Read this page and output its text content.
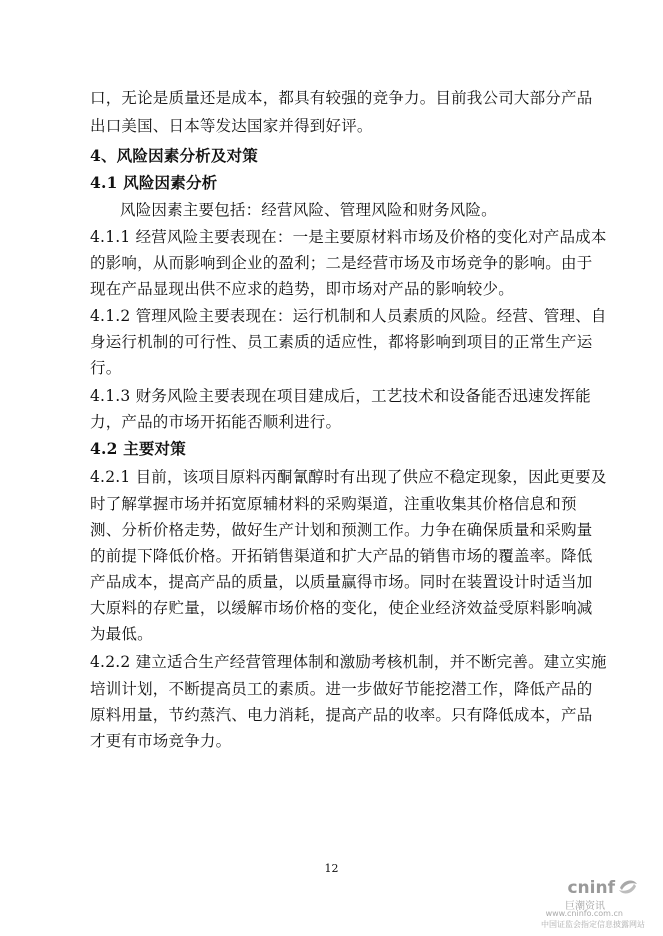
口，无论是质量还是成本，都具有较强的竞争力。目前我公司大部分产品
出口美国、日本等发达国家并得到好评。
4、风险因素分析及对策
4.1 风险因素分析
风险因素主要包括：经营风险、管理风险和财务风险。
4.1.1 经营风险主要表现在：一是主要原材料市场及价格的变化对产品成本
的影响，从而影响到企业的盈利；二是经营市场及市场竞争的影响。由于
现在产品显现出供不应求的趋势，即市场对产品的影响较少。
4.1.2 管理风险主要表现在：运行机制和人员素质的风险。经营、管理、自
身运行机制的可行性、员工素质的适应性，都将影响到项目的正常生产运
行。
4.1.3 财务风险主要表现在项目建成后，工艺技术和设备能否迅速发挥能
力，产品的市场开拓能否顺利进行。
4.2 主要对策
4.2.1 目前，该项目原料丙酮氰醇时有出现了供应不稳定现象，因此更要及
时了解掌握市场并拓宽原辅材料的采购渠道，注重收集其价格信息和预
测、分析价格走势，做好生产计划和预测工作。力争在确保质量和采购量
的前提下降低价格。开拓销售渠道和扩大产品的销售市场的覆盖率。降低
产品成本，提高产品的质量，以质量赢得市场。同时在装置设计时适当加
大原料的存贮量，以缓解市场价格的变化，使企业经济效益受原料影响减
为最低。
4.2.2 建立适合生产经营管理体制和激励考核机制，并不断完善。建立实施
培训计划，不断提高员工的素质。进一步做好节能挖潜工作，降低产品的
原料用量，节约蒸汽、电力消耗，提高产品的收率。只有降低成本，产品
才更有市场竞争力。
12
cninf
巨潮资讯
www.cninfo.com.cn
中国证监会指定信息披露网站
